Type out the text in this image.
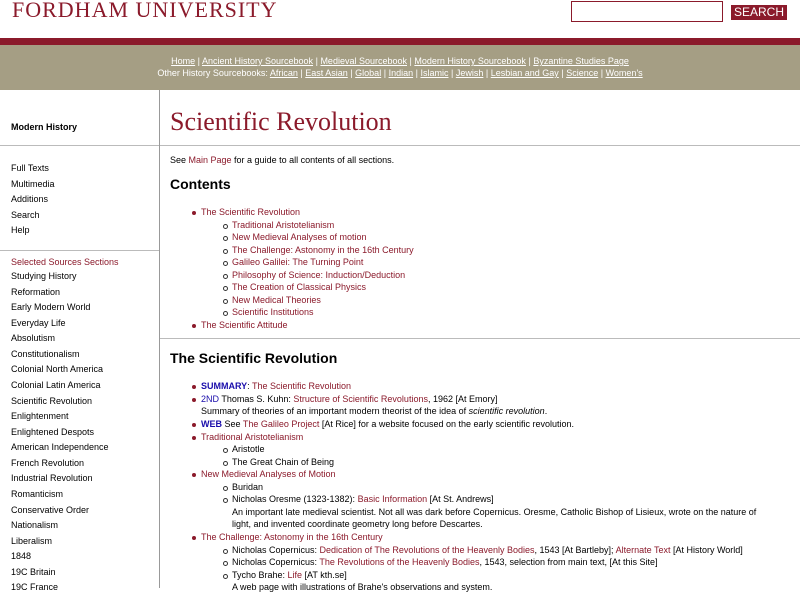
FORDHAM UNIVERSITY	SEARCH
Home | Ancient History Sourcebook | Medieval Sourcebook | Modern History Sourcebook | Byzantine Studies Page
Other History Sourcebooks: African | East Asian | Global | Indian | Islamic | Jewish | Lesbian and Gay | Science | Women's
Modern History
Full Texts
Multimedia
Additions
Search
Help
Selected Sources Sections
Studying History
Reformation
Early Modern World
Everyday Life
Absolutism
Constitutionalism
Colonial North America
Colonial Latin America
Scientific Revolution
Enlightenment
Enlightened Despots
American Independence
French Revolution
Industrial Revolution
Romanticism
Conservative Order
Nationalism
Liberalism
1848
19C Britain
19C France
Scientific Revolution
See Main Page for a guide to all contents of all sections.
Contents
The Scientific Revolution
Traditional Aristotelianism
New Medieval Analyses of motion
The Challenge: Astonomy in the 16th Century
Galileo Galilei: The Turning Point
Philosophy of Science: Induction/Deduction
The Creation of Classical Physics
New Medical Theories
Scientific Institutions
The Scientific Attitude
The Scientific Revolution
SUMMARY: The Scientific Revolution
2ND Thomas S. Kuhn: Structure of Scientific Revolutions, 1962 [At Emory]
Summary of theories of an important modern theorist of the idea of scientific revolution.
WEB See The Galileo Project [At Rice] for a website focused on the early scientific revolution.
Traditional Aristotelianism
Aristotle
The Great Chain of Being
New Medieval Analyses of Motion
Buridan
Nicholas Oresme (1323-1382): Basic Information [At St. Andrews]
An important late medieval scientist. Not all was dark before Copernicus. Oresme, Catholic Bishop of Lisieux, wrote on the nature of
light, and invented coordinate geometry long before Descartes.
The Challenge: Astonomy in the 16th Century
Nicholas Copernicus: Dedication of The Revolutions of the Heavenly Bodies, 1543 [At Bartleby]; Alternate Text [At History World]
Nicholas Copernicus: The Revolutions of the Heavenly Bodies, 1543, selection from main text, [At this Site]
Tycho Brahe: Life [AT kth.se]
A web page with illustrations of Brahe's observations and system.
